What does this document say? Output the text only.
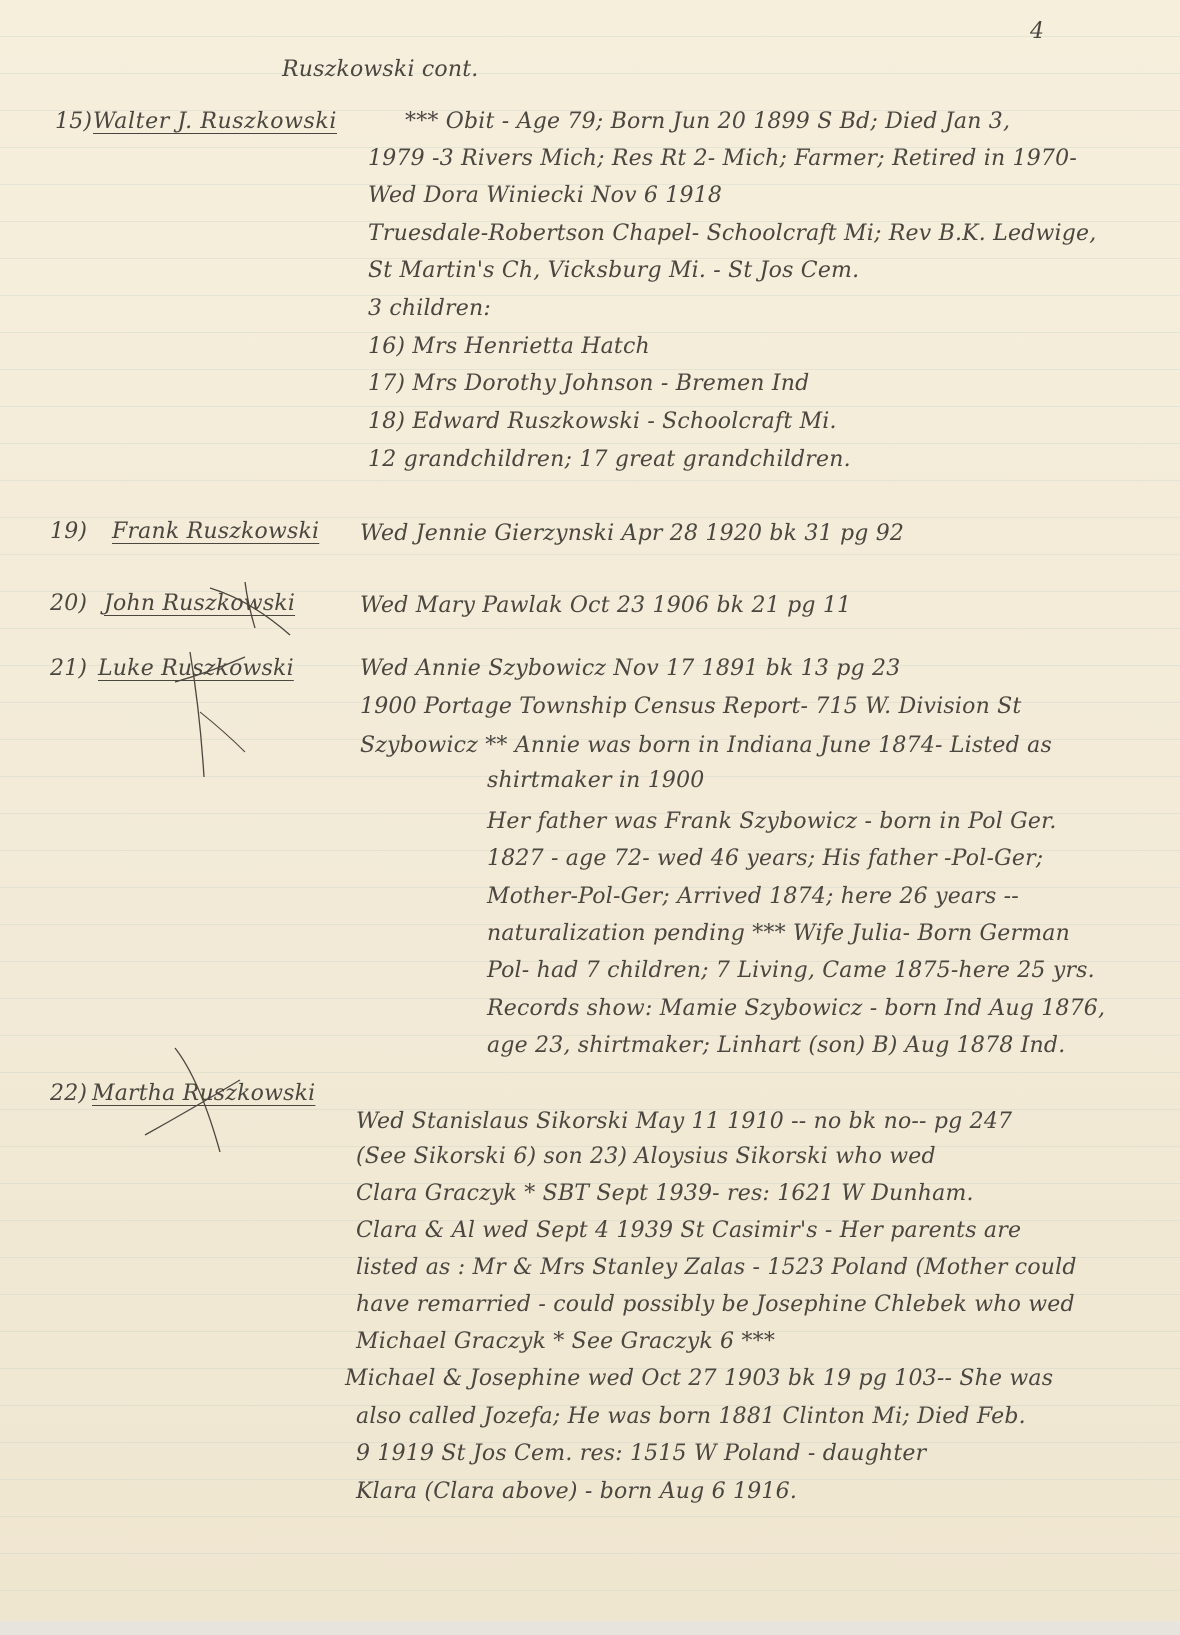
4
Ruszkowski cont.
15) Walter J. Ruszkowski	*** Obit - Age 79; Born Jun 20 1899 S Bd; Died Jan 3,
1979 -3 Rivers Mich; Res Rt 2- Mich; Farmer; Retired in 1970-
Wed Dora Winiecki Nov 6 1918
Truesdale-Robertson Chapel- Schoolcraft Mi; Rev B.K. Ledwige,
St Martin's Ch, Vicksburg Mi. - St Jos Cem.
3 children:
16) Mrs Henrietta Hatch
17) Mrs Dorothy Johnson - Bremen Ind
18) Edward Ruszkowski - Schoolcraft Mi.
12 grandchildren; 17 great grandchildren.
19) Frank Ruszkowski Wed Jennie Gierzynski Apr 28 1920 bk 31 pg 92
20) John Ruszkowski	Wed Mary Pawlak Oct 23 1906 bk 21 pg 11
21) Luke Ruszkowski	Wed Annie Szybowicz Nov 17 1891 bk 13 pg 23
1900 Portage Township Census Report- 715 W. Division St
Szybowicz ** Annie was born in Indiana June 1874- Listed as
shirtmaker in 1900
Her father was Frank Szybowicz - born in Pol Ger.
1827 - age 72- wed 46 years; His father -Pol-Ger;
Mother-Pol-Ger; Arrived 1874; here 26 years --
naturalization pending *** Wife Julia- Born German
Pol- had 7 children; 7 Living, Came 1875-here 25 yrs.
Records show: Mamie Szybowicz - born Ind Aug 1876,
age 23, shirtmaker; Linhart (son) B) Aug 1878 Ind.
22) Martha Ruszkowski
Wed Stanislaus Sikorski May 11 1910 -- no bk no-- pg 247
(See Sikorski 6) son 23) Aloysius Sikorski who wed
Clara Graczyk * SBT Sept 1939- res: 1621 W Dunham.
Clara & Al wed Sept 4 1939 St Casimir's - Her parents are
listed as : Mr & Mrs Stanley Zalas - 1523 Poland (Mother could
have remarried - could possibly be Josephine Chlebek who wed
Michael Graczyk * See Graczyk 6 ***
Michael & Josephine wed Oct 27 1903 bk 19 pg 103-- She was
also called Jozefa; He was born 1881 Clinton Mi; Died Feb.
9 1919 St Jos Cem. res: 1515 W Poland - daughter
Klara (Clara above) - born Aug 6 1916.
